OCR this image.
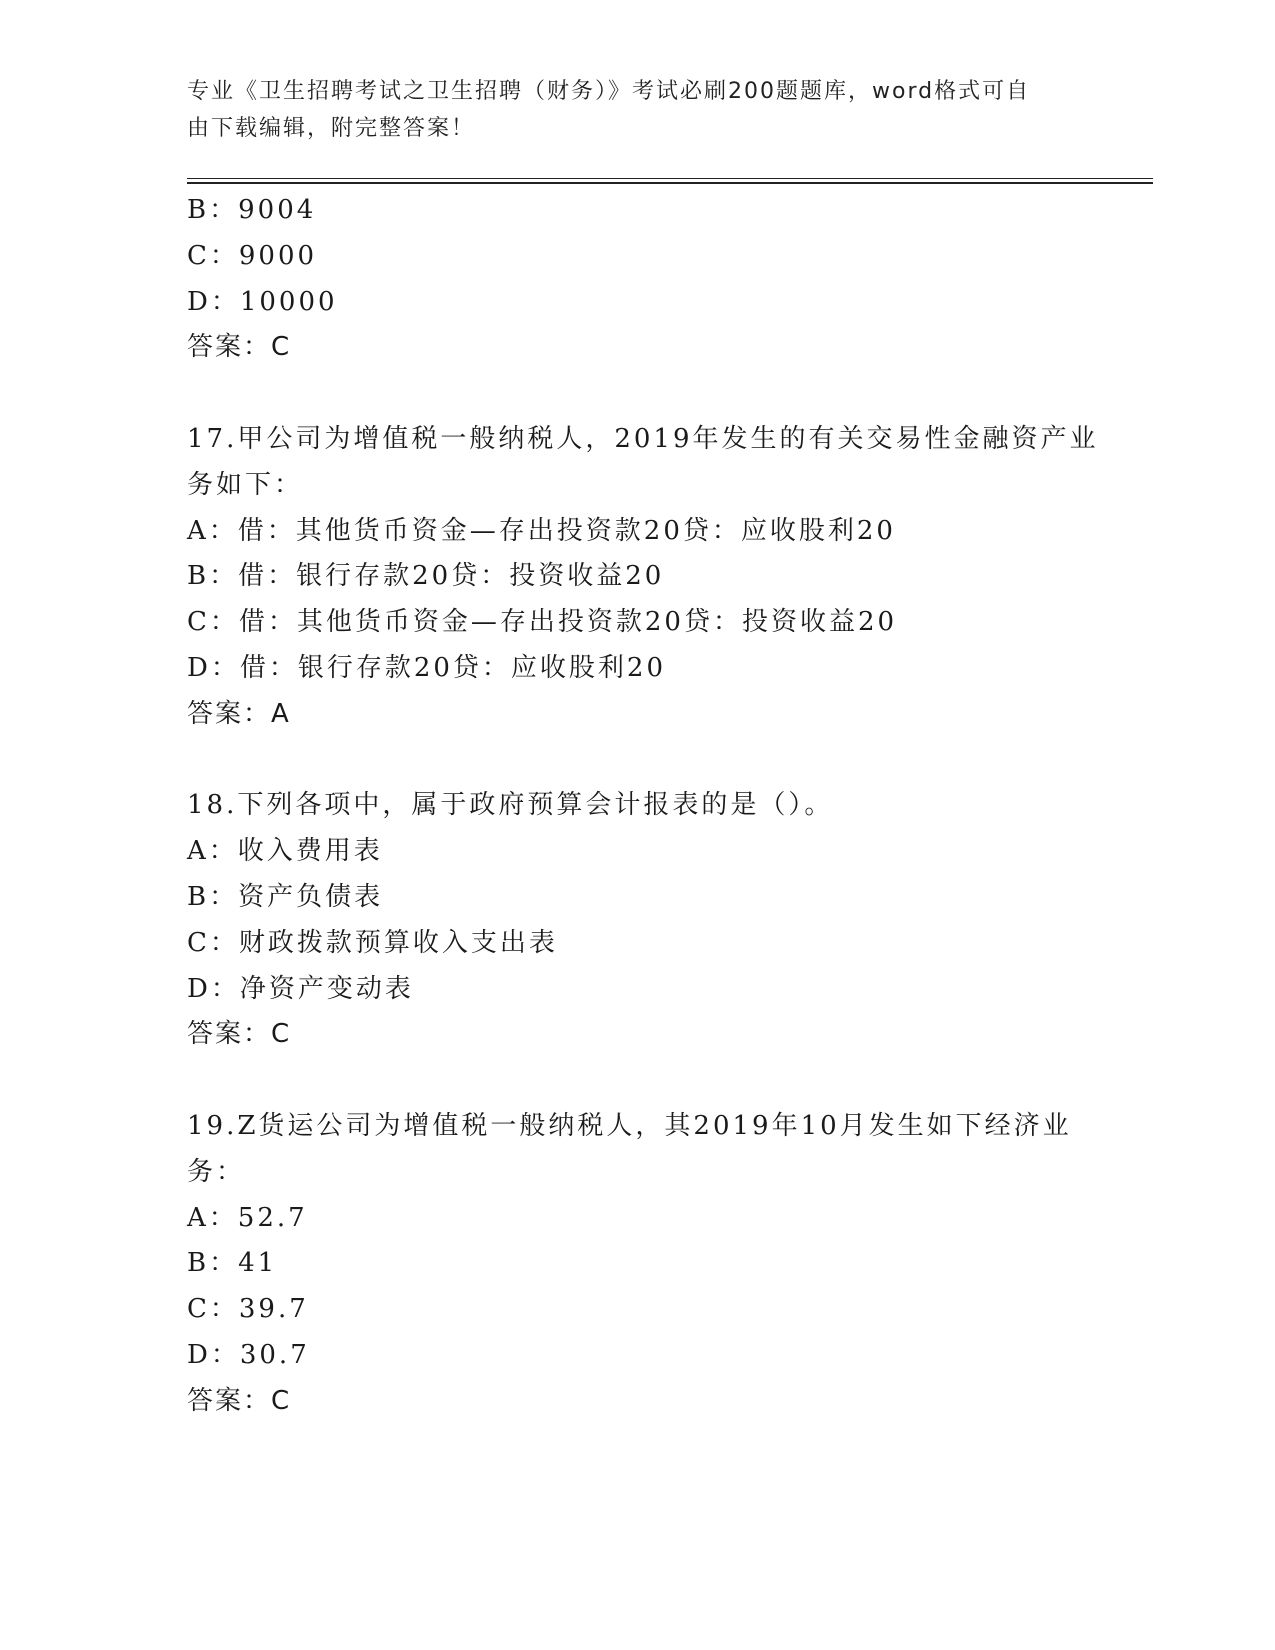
专业《卫生招聘考试之卫生招聘（财务）》考试必刷200题题库，word格式可自
由下载编辑，附完整答案！
B：9004
C：9000
D：10000
答案：C
17.甲公司为增值税一般纳税人，2019年发生的有关交易性金融资产业
务如下：
A：借：其他货币资金—存出投资款20贷：应收股利20
B：借：银行存款20贷：投资收益20
C：借：其他货币资金—存出投资款20贷：投资收益20
D：借：银行存款20贷：应收股利20
答案：A
18.下列各项中，属于政府预算会计报表的是（）。
A：收入费用表
B：资产负债表
C：财政拨款预算收入支出表
D：净资产变动表
答案：C
19.Z货运公司为增值税一般纳税人，其2019年10月发生如下经济业
务：
A：52.7
B：41
C：39.7
D：30.7
答案：C
